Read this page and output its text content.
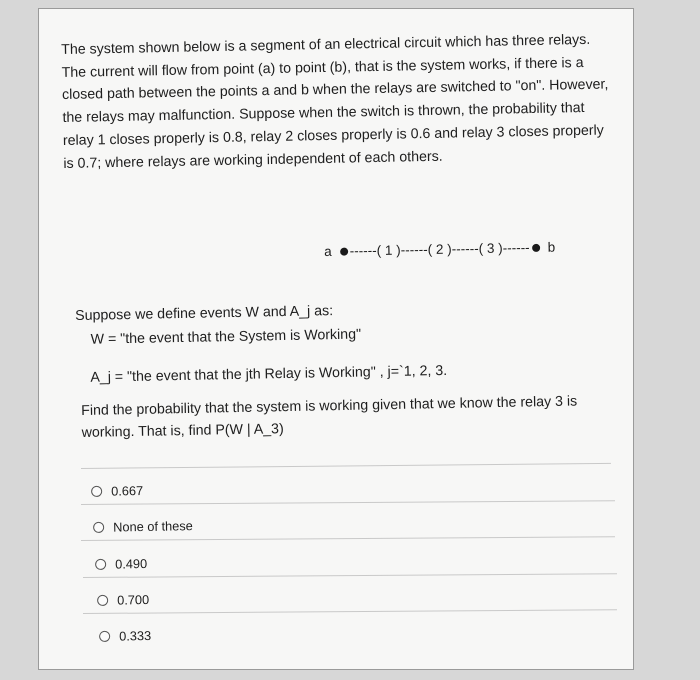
The system shown below is a segment of an electrical circuit which has three relays. The current will flow from point (a) to point (b), that is the system works, if there is a closed path between the points a and b when the relays are switched to "on". However, the relays may malfunction. Suppose when the switch is thrown, the probability that relay 1 closes properly is 0.8, relay 2 closes properly is 0.6 and relay 3 closes properly is 0.7; where relays are working independent of each others.

a ------ ( 1 ) ------ ( 2 ) ------ ( 3 ) ------ b

Suppose we define events W and A_j as:

W = "the event that the System is Working"

A_j = "the event that the jth Relay is Working" , j=`1, 2, 3.

Find the probability that the system is working given that we know the relay 3 is working. That is, find P(W | A_3)

0.667
None of these
0.490
0.700
0.333
